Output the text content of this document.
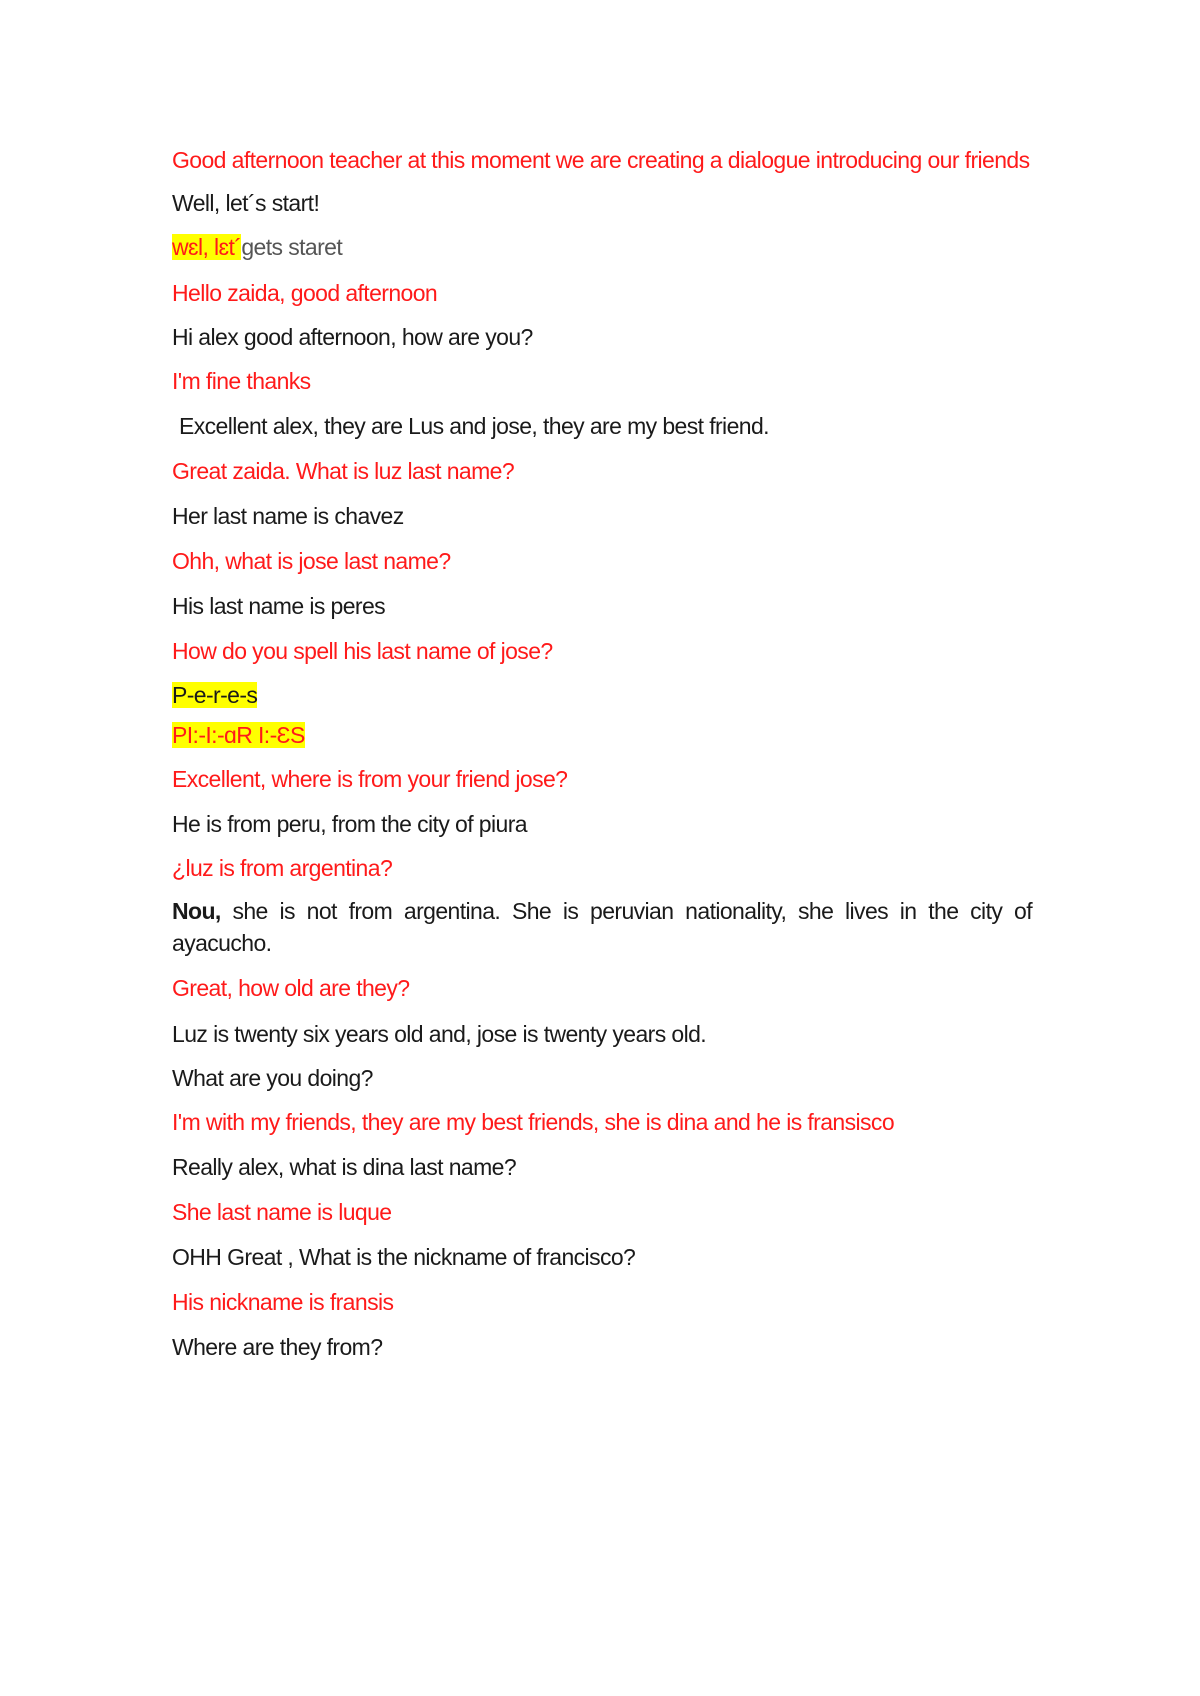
Good afternoon teacher at this moment we are creating a dialogue introducing our friends
Well, let´s start!
wɛl, lɛt´gets staret
Hello zaida, good afternoon
Hi alex good afternoon, how are you?
I'm fine thanks
Excellent alex, they are Lus and jose, they are my best friend.
Great zaida. What is luz last name?
Her last name is chavez
Ohh, what is jose last name?
His last name is peres
How do you spell his last name of jose?
P-e-r-e-s
PI:-I:-ɑR I:-ƐS
Excellent, where is from your friend jose?
He is from peru, from the city of piura
¿luz is from argentina?
Nou, she is not from argentina. She is peruvian nationality, she lives in the city of ayacucho.
Great, how old are they?
Luz is twenty six years old and, jose is twenty years old.
What are you doing?
I'm with my friends, they are my best friends, she is dina and he is fransisco
Really alex, what is dina last name?
She last name is luque
OHH Great , What is the nickname of francisco?
His nickname is fransis
Where are they from?
